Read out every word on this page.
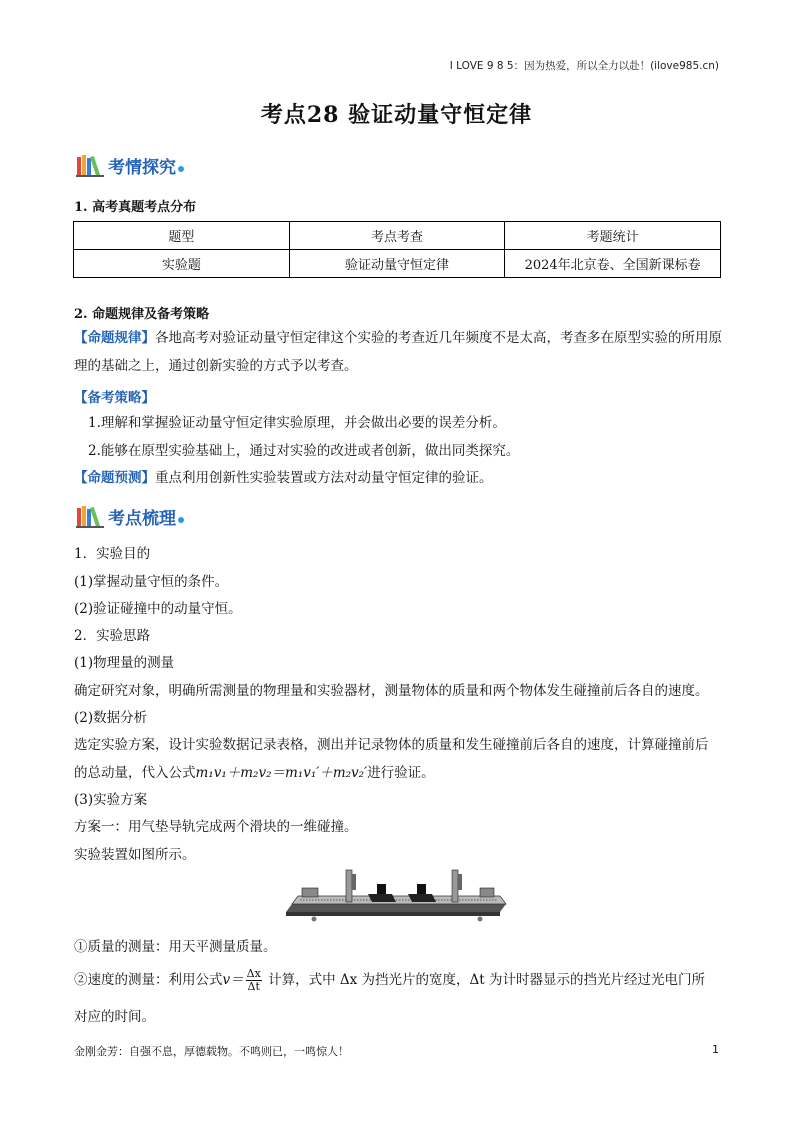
I LOVE 9 8 5：因为热爱，所以全力以赴！(ilove985.cn)
考点28 验证动量守恒定律
考情探究
1. 高考真题考点分布
题型	考点考查	考题统计
实验题	验证动量守恒定律	2024年北京卷、全国新课标卷
2. 命题规律及备考策略
【命题规律】各地高考对验证动量守恒定律这个实验的考查近几年频度不是太高，考查多在原型实验的所用原理的基础之上，通过创新实验的方式予以考查。
【备考策略】
1.理解和掌握验证动量守恒定律实验原理，并会做出必要的误差分析。
2.能够在原型实验基础上，通过对实验的改进或者创新，做出同类探究。
【命题预测】重点利用创新性实验装置或方法对动量守恒定律的验证。
考点梳理
1．实验目的
(1)掌握动量守恒的条件。
(2)验证碰撞中的动量守恒。
2．实验思路
(1)物理量的测量
确定研究对象，明确所需测量的物理量和实验器材，测量物体的质量和两个物体发生碰撞前后各自的速度。
(2)数据分析
选定实验方案，设计实验数据记录表格，测出并记录物体的质量和发生碰撞前后各自的速度，计算碰撞前后
的总动量，代入公式m₁v₁＋m₂v₂＝m₁v₁′＋m₂v₂′进行验证。
(3)实验方案
方案一：用气垫导轨完成两个滑块的一维碰撞。
实验装置如图所示。
①质量的测量：用天平测量质量。
②速度的测量：利用公式$v= \frac{\Delta x}{\Delta t}$ 计算，式中 Δx 为挡光片的宽度，Δt 为计时器显示的挡光片经过光电门所
对应的时间。
金刚金芳：自强不息，厚德载物。不鸣则已，一鸣惊人！	1
